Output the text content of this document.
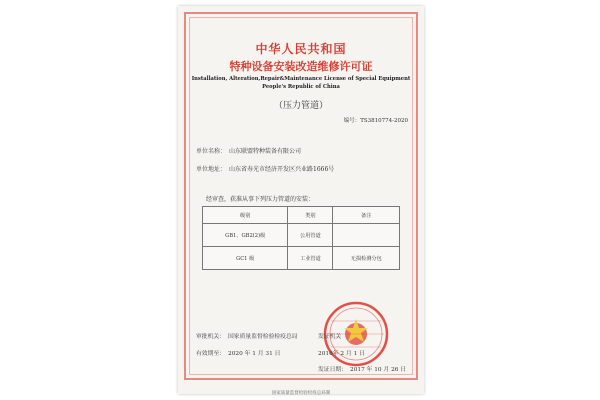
中华人民共和国
特种设备安装改造维修许可证
Installation, Alteration,Repair&Maintenance License of Special Equipment
People's Republic of China
（压力管道）
编号：TS3810774-2020
单位名称： 山东联盟特种装备有限公司
单位地址： 山东省寿光市经济开发区兴业路1666号
经审查，获准从事下列压力管道的安装：
级别	类别	备注
GB1、GB2(2)级	公用管道	
GC1 级	工业管道	无损检测分包
审批机关： 国家质量监督检验检疫总局	发证机关
2016年 2 月 1 日
有效期至： 2020 年 1 月 31 日
发证日期： 2017 年 10 月 26 日
国家质量监督检验检疫总局制
